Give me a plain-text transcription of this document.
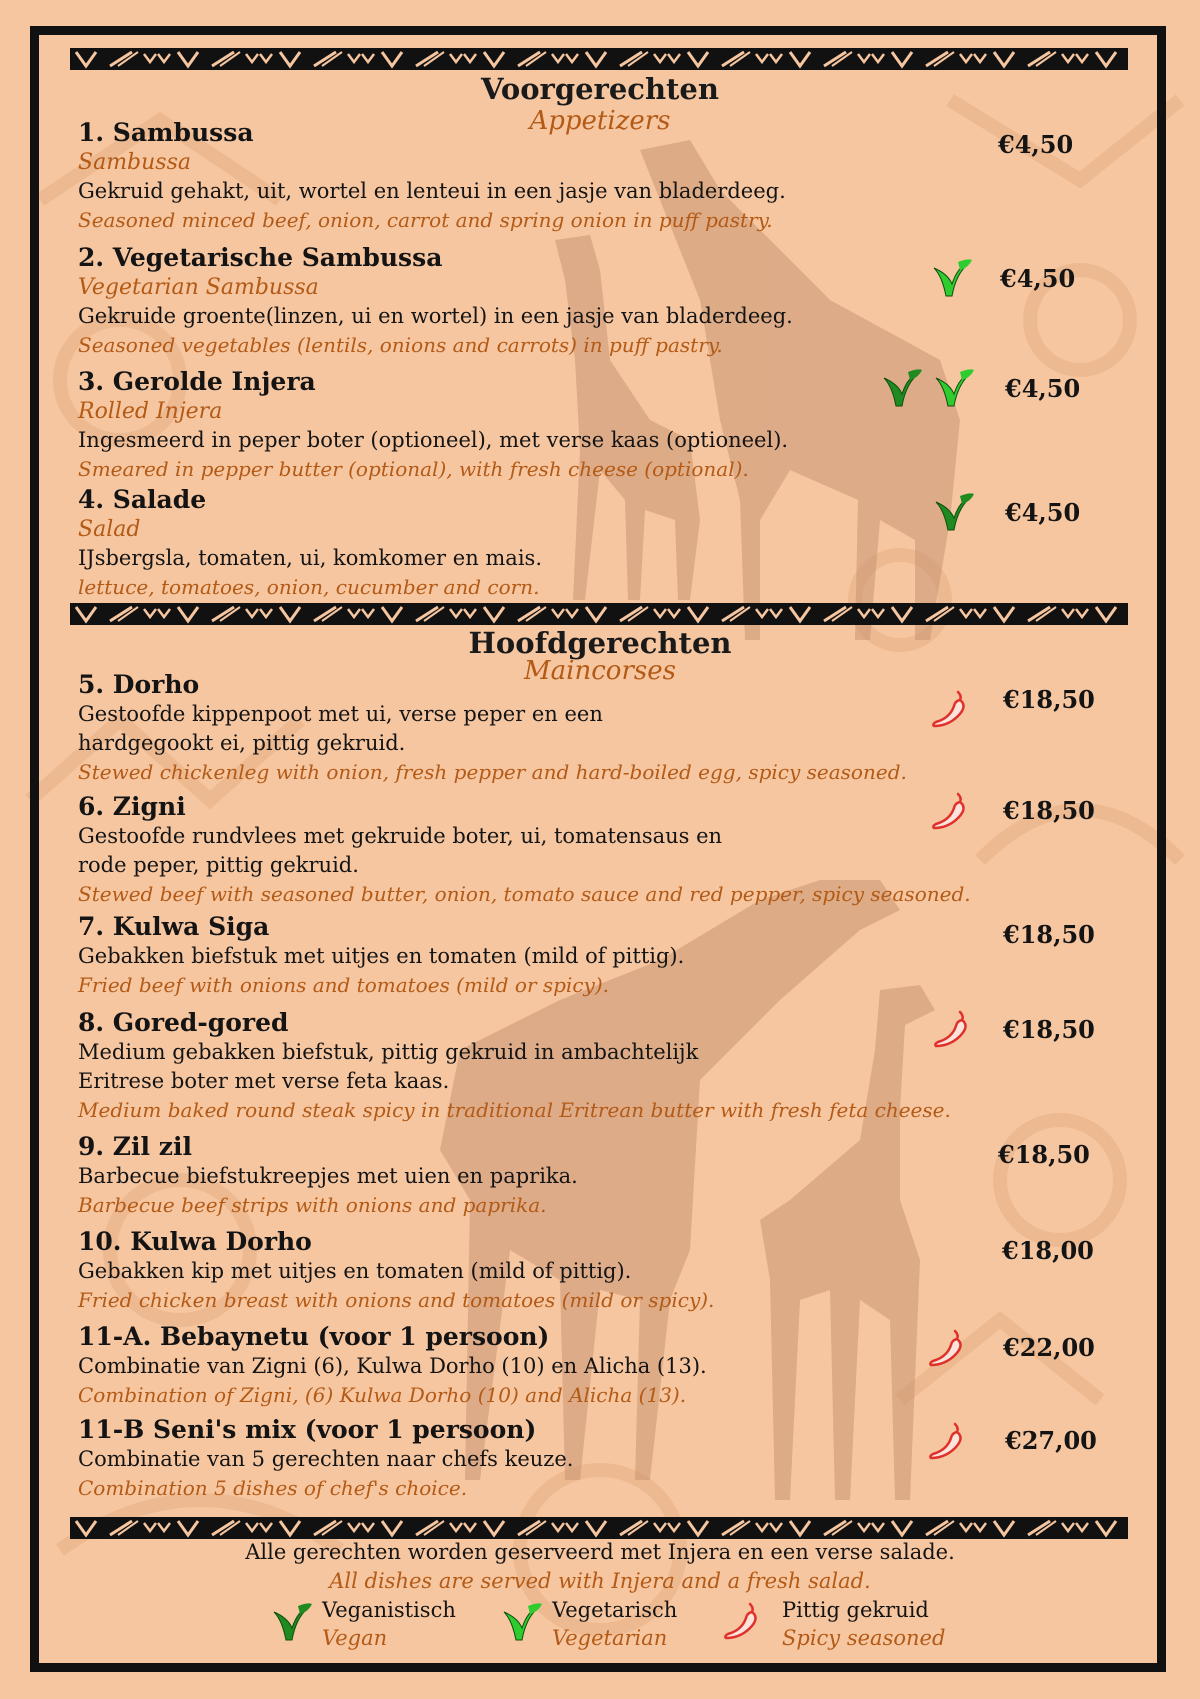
Voorgerechten
Appetizers
1. Sambussa
Sambussa
Gekruid gehakt, uit, wortel en lenteui in een jasje van bladerdeeg.
Seasoned minced beef, onion, carrot and spring onion in puff pastry.
€4,50
2. Vegetarische Sambussa
Vegetarian Sambussa
Gekruide groente(linzen, ui en wortel) in een jasje van bladerdeeg.
Seasoned vegetables (lentils, onions and carrots) in puff pastry.
€4,50
3. Gerolde Injera
Rolled Injera
Ingesmeerd in peper boter (optioneel), met verse kaas (optioneel).
Smeared in pepper butter (optional), with fresh cheese (optional).
€4,50
4. Salade
Salad
IJsbergsla, tomaten, ui, komkomer en mais.
lettuce, tomatoes, onion, cucumber and corn.
€4,50
Hoofdgerechten
Maincorses
5. Dorho
Gestoofde kippenpoot met ui, verse peper en een
hardgegookt ei, pittig gekruid.
Stewed chickenleg with onion, fresh pepper and hard-boiled egg, spicy seasoned.
€18,50
6. Zigni
Gestoofde rundvlees met gekruide boter, ui, tomatensaus en
rode peper, pittig gekruid.
Stewed beef with seasoned butter, onion, tomato sauce and red pepper, spicy seasoned.
€18,50
7. Kulwa Siga
Gebakken biefstuk met uitjes en tomaten (mild of pittig).
Fried beef with onions and tomatoes (mild or spicy).
€18,50
8. Gored-gored
Medium gebakken biefstuk, pittig gekruid in ambachtelijk
Eritrese boter met verse feta kaas.
Medium baked round steak spicy in traditional Eritrean butter with fresh feta cheese.
€18,50
9. Zil zil
Barbecue biefstukreepjes met uien en paprika.
Barbecue beef strips with onions and paprika.
€18,50
10. Kulwa Dorho
Gebakken kip met uitjes en tomaten (mild of pittig).
Fried chicken breast with onions and tomatoes (mild or spicy).
€18,00
11-A. Bebaynetu (voor 1 persoon)
Combinatie van Zigni (6), Kulwa Dorho (10) en Alicha (13).
Combination of Zigni, (6) Kulwa Dorho (10) and Alicha (13).
€22,00
11-B Seni's mix (voor 1 persoon)
Combinatie van 5 gerechten naar chefs keuze.
Combination 5 dishes of chef's choice.
€27,00
Alle gerechten worden geserveerd met Injera en een verse salade.
All dishes are served with Injera and a fresh salad.
Veganistisch
Vegan
Vegetarisch
Vegetarian
Pittig gekruid
Spicy seasoned
